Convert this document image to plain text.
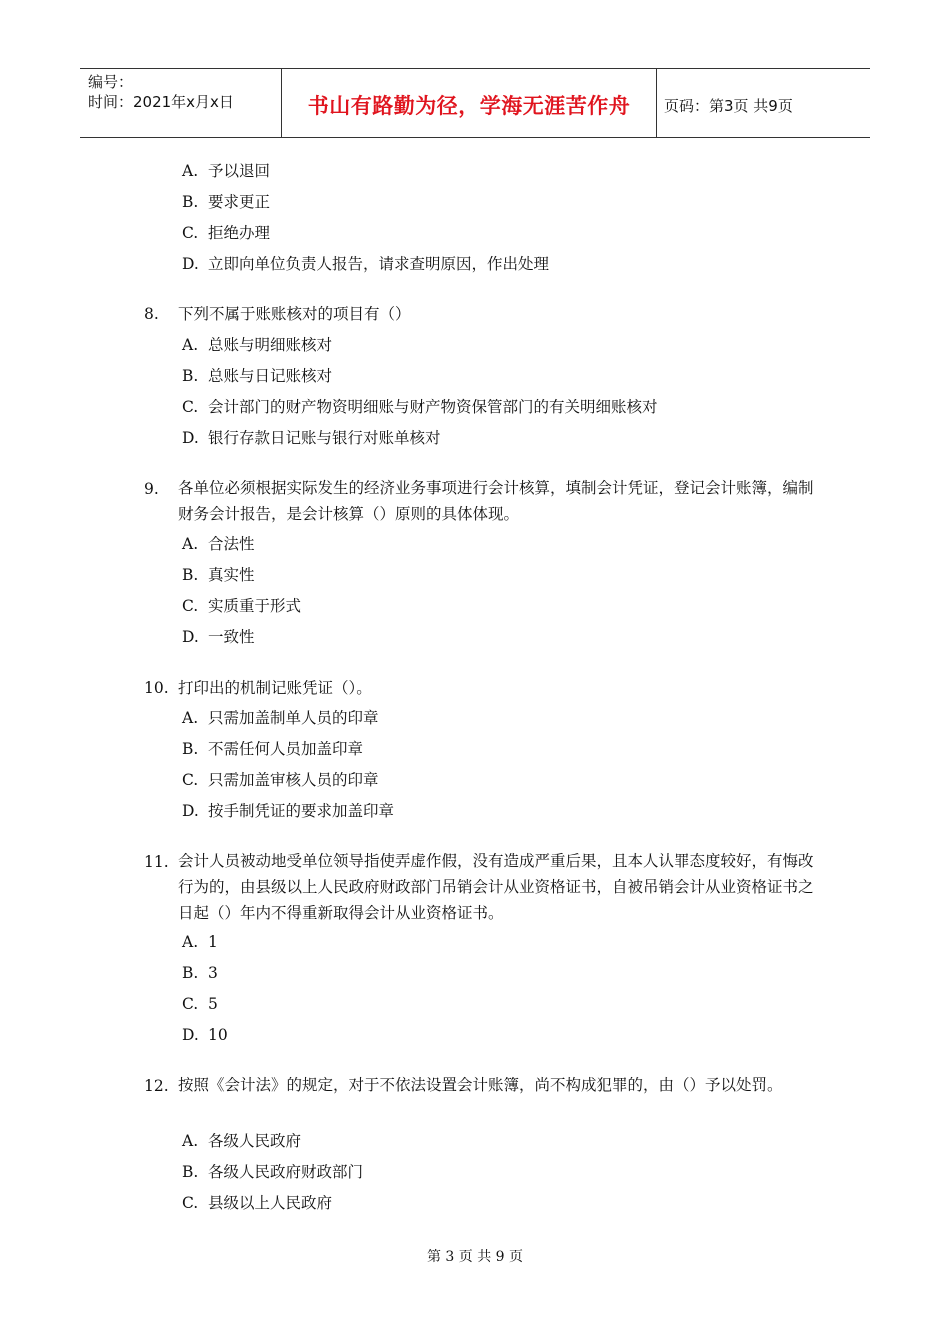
编号：
时间：2021年x月x日	书山有路勤为径，学海无涯苦作舟 页码：第3页 共9页
A. 予以退回
B. 要求更正
C. 拒绝办理
D. 立即向单位负责人报告，请求查明原因，作出处理
8. 下列不属于账账核对的项目有（）
A. 总账与明细账核对
B. 总账与日记账核对
C. 会计部门的财产物资明细账与财产物资保管部门的有关明细账核对
D. 银行存款日记账与银行对账单核对
9. 各单位必须根据实际发生的经济业务事项进行会计核算，填制会计凭证，登记会计账簿，编制财务会计报告，是会计核算（）原则的具体体现。
A. 合法性
B. 真实性
C. 实质重于形式
D. 一致性
10. 打印出的机制记账凭证（）。
A. 只需加盖制单人员的印章
B. 不需任何人员加盖印章
C. 只需加盖审核人员的印章
D. 按手制凭证的要求加盖印章
11. 会计人员被动地受单位领导指使弄虚作假，没有造成严重后果，且本人认罪态度较好，有悔改行为的，由县级以上人民政府财政部门吊销会计从业资格证书，自被吊销会计从业资格证书之日起（）年内不得重新取得会计从业资格证书。
A. 1
B. 3
C. 5
D. 10
12. 按照《会计法》的规定，对于不依法设置会计账簿，尚不构成犯罪的，由（）予以处罚。
A. 各级人民政府
B. 各级人民政府财政部门
C. 县级以上人民政府
第 3 页 共 9 页
